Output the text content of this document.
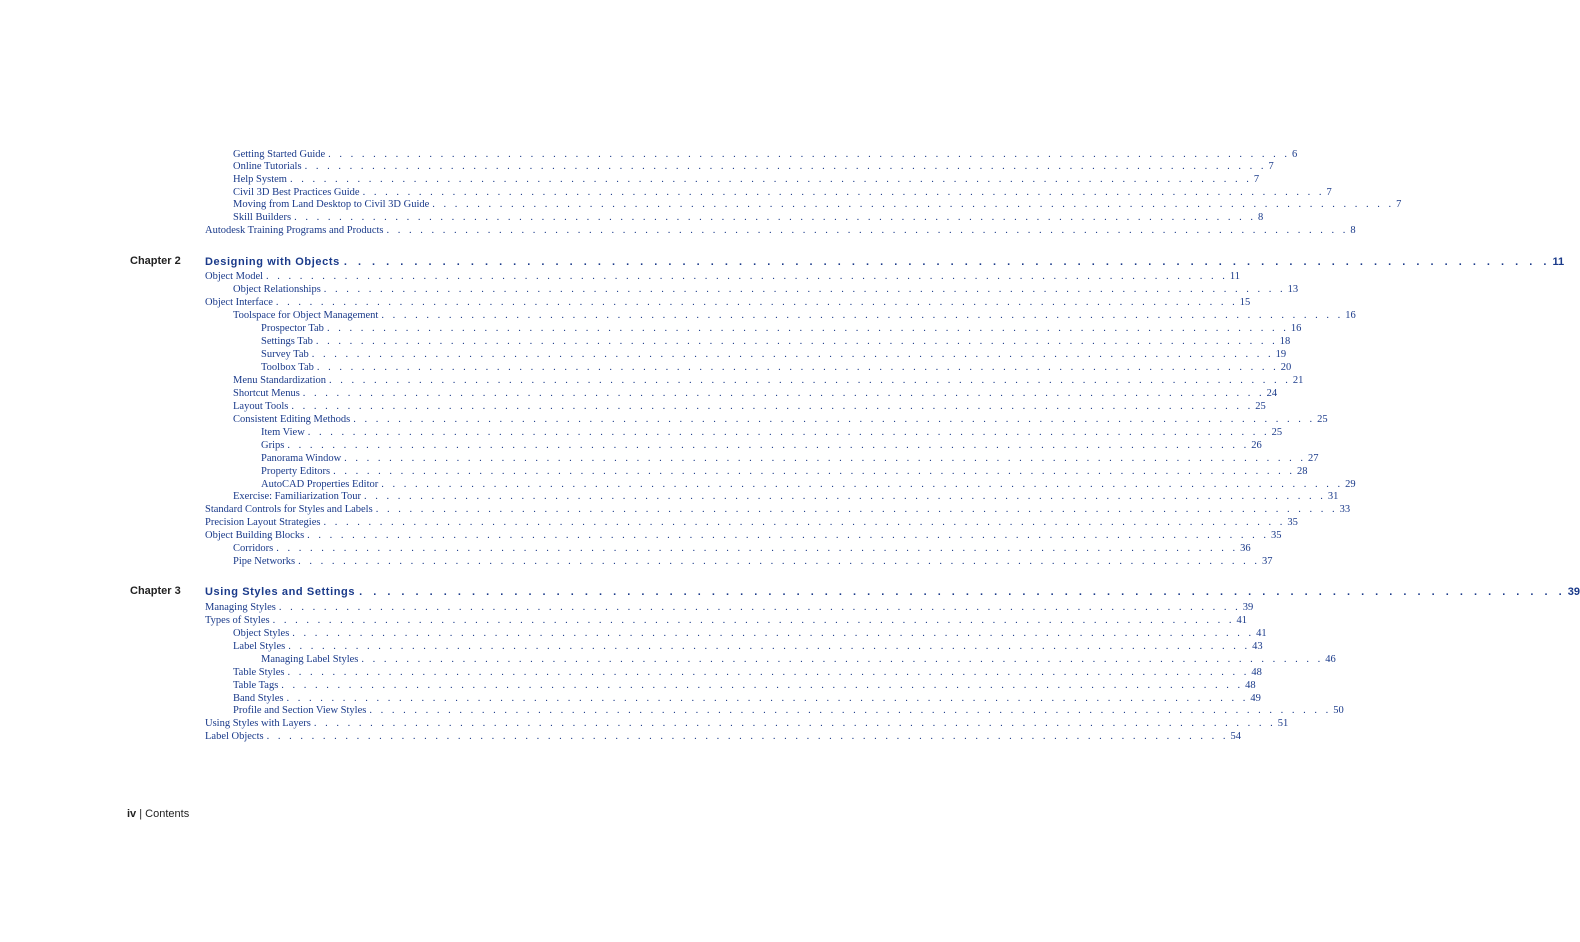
Getting Started Guide . . . . . . . . . . . . . . . . . . . . . . . . . . . . . . . . . . . . . . . . . . . . . . . . . . . . . . . . . . . . . . . . . . . . . . . . . . . . . . . . . . . . . . 6
Online Tutorials . . . . . . . . . . . . . . . . . . . . . . . . . . . . . . . . . . . . . . . . . . . . . . . . . . . . . . . . . . . . . . . . . . . . . . . . . . . . . . . . . . . . . . 7
Help System . . . . . . . . . . . . . . . . . . . . . . . . . . . . . . . . . . . . . . . . . . . . . . . . . . . . . . . . . . . . . . . . . . . . . . . . . . . . . . . . . . . . . . 7
Civil 3D Best Practices Guide . . . . . . . . . . . . . . . . . . . . . . . . . . . . . . . . . . . . . . . . . . . . . . . . . . . . . . . . . . . . . . . . . . . . . . . . . . . . . . . . . . . . . . 7
Moving from Land Desktop to Civil 3D Guide . . . . . . . . . . . . . . . . . . . . . . . . . . . . . . . . . . . . . . . . . . . . . . . . . . . . . . . . . . . . . . . . . . . . . . . . . . . . . . . . . . . . . . 7
Skill Builders . . . . . . . . . . . . . . . . . . . . . . . . . . . . . . . . . . . . . . . . . . . . . . . . . . . . . . . . . . . . . . . . . . . . . . . . . . . . . . . . . . . . . . 8
Autodesk Training Programs and Products . . . . . . . . . . . . . . . . . . . . . . . . . . . . . . . . . . . . . . . . . . . . . . . . . . . . . . . . . . . . . . . . . . . . . . . . . . . . . . . . . . . . . . 8
Chapter 2 Designing with Objects . . . . . . . . . . . . . . . . . . . . . . . . . . . . . . . . . . . . . . . . . . . . . . . . . . . . . . . . . . . . . . . . . . . . . . . . . . . . . . . . . . . . . . 11
Object Model . . . . . . . . . . . . . . . . . . . . . . . . . . . . . . . . . . . . . . . . . . . . . . . . . . . . . . . . . . . . . . . . . . . . . . . . . . . . . . . . . . . . . . 11
Object Relationships . . . . . . . . . . . . . . . . . . . . . . . . . . . . . . . . . . . . . . . . . . . . . . . . . . . . . . . . . . . . . . . . . . . . . . . . . . . . . . . . . . . . . . 13
Object Interface . . . . . . . . . . . . . . . . . . . . . . . . . . . . . . . . . . . . . . . . . . . . . . . . . . . . . . . . . . . . . . . . . . . . . . . . . . . . . . . . . . . . . . 15
Toolspace for Object Management . . . . . . . . . . . . . . . . . . . . . . . . . . . . . . . . . . . . . . . . . . . . . . . . . . . . . . . . . . . . . . . . . . . . . . . . . . . . . . . . . . . . . . 16
Prospector Tab . . . . . . . . . . . . . . . . . . . . . . . . . . . . . . . . . . . . . . . . . . . . . . . . . . . . . . . . . . . . . . . . . . . . . . . . . . . . . . . . . . . . . . 16
Settings Tab . . . . . . . . . . . . . . . . . . . . . . . . . . . . . . . . . . . . . . . . . . . . . . . . . . . . . . . . . . . . . . . . . . . . . . . . . . . . . . . . . . . . . . 18
Survey Tab . . . . . . . . . . . . . . . . . . . . . . . . . . . . . . . . . . . . . . . . . . . . . . . . . . . . . . . . . . . . . . . . . . . . . . . . . . . . . . . . . . . . . . 19
Toolbox Tab . . . . . . . . . . . . . . . . . . . . . . . . . . . . . . . . . . . . . . . . . . . . . . . . . . . . . . . . . . . . . . . . . . . . . . . . . . . . . . . . . . . . . . 20
Menu Standardization . . . . . . . . . . . . . . . . . . . . . . . . . . . . . . . . . . . . . . . . . . . . . . . . . . . . . . . . . . . . . . . . . . . . . . . . . . . . . . . . . . . . . . 21
Shortcut Menus . . . . . . . . . . . . . . . . . . . . . . . . . . . . . . . . . . . . . . . . . . . . . . . . . . . . . . . . . . . . . . . . . . . . . . . . . . . . . . . . . . . . . . 24
Layout Tools . . . . . . . . . . . . . . . . . . . . . . . . . . . . . . . . . . . . . . . . . . . . . . . . . . . . . . . . . . . . . . . . . . . . . . . . . . . . . . . . . . . . . . 25
Consistent Editing Methods . . . . . . . . . . . . . . . . . . . . . . . . . . . . . . . . . . . . . . . . . . . . . . . . . . . . . . . . . . . . . . . . . . . . . . . . . . . . . . . . . . . . . . 25
Item View . . . . . . . . . . . . . . . . . . . . . . . . . . . . . . . . . . . . . . . . . . . . . . . . . . . . . . . . . . . . . . . . . . . . . . . . . . . . . . . . . . . . . . 25
Grips . . . . . . . . . . . . . . . . . . . . . . . . . . . . . . . . . . . . . . . . . . . . . . . . . . . . . . . . . . . . . . . . . . . . . . . . . . . . . . . . . . . . . . 26
Panorama Window . . . . . . . . . . . . . . . . . . . . . . . . . . . . . . . . . . . . . . . . . . . . . . . . . . . . . . . . . . . . . . . . . . . . . . . . . . . . . . . . . . . . . . 27
Property Editors . . . . . . . . . . . . . . . . . . . . . . . . . . . . . . . . . . . . . . . . . . . . . . . . . . . . . . . . . . . . . . . . . . . . . . . . . . . . . . . . . . . . . . 28
AutoCAD Properties Editor . . . . . . . . . . . . . . . . . . . . . . . . . . . . . . . . . . . . . . . . . . . . . . . . . . . . . . . . . . . . . . . . . . . . . . . . . . . . . . . . . . . . . . 29
Exercise: Familiarization Tour . . . . . . . . . . . . . . . . . . . . . . . . . . . . . . . . . . . . . . . . . . . . . . . . . . . . . . . . . . . . . . . . . . . . . . . . . . . . . . . . . . . . . . 31
Standard Controls for Styles and Labels . . . . . . . . . . . . . . . . . . . . . . . . . . . . . . . . . . . . . . . . . . . . . . . . . . . . . . . . . . . . . . . . . . . . . . . . . . . . . . . . . . . . . . 33
Precision Layout Strategies . . . . . . . . . . . . . . . . . . . . . . . . . . . . . . . . . . . . . . . . . . . . . . . . . . . . . . . . . . . . . . . . . . . . . . . . . . . . . . . . . . . . . . 35
Object Building Blocks . . . . . . . . . . . . . . . . . . . . . . . . . . . . . . . . . . . . . . . . . . . . . . . . . . . . . . . . . . . . . . . . . . . . . . . . . . . . . . . . . . . . . . 35
Corridors . . . . . . . . . . . . . . . . . . . . . . . . . . . . . . . . . . . . . . . . . . . . . . . . . . . . . . . . . . . . . . . . . . . . . . . . . . . . . . . . . . . . . . 36
Pipe Networks . . . . . . . . . . . . . . . . . . . . . . . . . . . . . . . . . . . . . . . . . . . . . . . . . . . . . . . . . . . . . . . . . . . . . . . . . . . . . . . . . . . . . . 37
Chapter 3 Using Styles and Settings . . . . . . . . . . . . . . . . . . . . . . . . . . . . . . . . . . . . . . . . . . . . . . . . . . . . . . . . . . . . . . . . . . . . . . . . . . . . . . . . . . . . . . 39
Managing Styles . . . . . . . . . . . . . . . . . . . . . . . . . . . . . . . . . . . . . . . . . . . . . . . . . . . . . . . . . . . . . . . . . . . . . . . . . . . . . . . . . . . . . . 39
Types of Styles . . . . . . . . . . . . . . . . . . . . . . . . . . . . . . . . . . . . . . . . . . . . . . . . . . . . . . . . . . . . . . . . . . . . . . . . . . . . . . . . . . . . . . 41
Object Styles . . . . . . . . . . . . . . . . . . . . . . . . . . . . . . . . . . . . . . . . . . . . . . . . . . . . . . . . . . . . . . . . . . . . . . . . . . . . . . . . . . . . . . 41
Label Styles . . . . . . . . . . . . . . . . . . . . . . . . . . . . . . . . . . . . . . . . . . . . . . . . . . . . . . . . . . . . . . . . . . . . . . . . . . . . . . . . . . . . . . 43
Managing Label Styles . . . . . . . . . . . . . . . . . . . . . . . . . . . . . . . . . . . . . . . . . . . . . . . . . . . . . . . . . . . . . . . . . . . . . . . . . . . . . . . . . . . . . . 46
Table Styles . . . . . . . . . . . . . . . . . . . . . . . . . . . . . . . . . . . . . . . . . . . . . . . . . . . . . . . . . . . . . . . . . . . . . . . . . . . . . . . . . . . . . . 48
Table Tags . . . . . . . . . . . . . . . . . . . . . . . . . . . . . . . . . . . . . . . . . . . . . . . . . . . . . . . . . . . . . . . . . . . . . . . . . . . . . . . . . . . . . . 48
Band Styles . . . . . . . . . . . . . . . . . . . . . . . . . . . . . . . . . . . . . . . . . . . . . . . . . . . . . . . . . . . . . . . . . . . . . . . . . . . . . . . . . . . . . . 49
Profile and Section View Styles . . . . . . . . . . . . . . . . . . . . . . . . . . . . . . . . . . . . . . . . . . . . . . . . . . . . . . . . . . . . . . . . . . . . . . . . . . . . . . . . . . . . . . 50
Using Styles with Layers . . . . . . . . . . . . . . . . . . . . . . . . . . . . . . . . . . . . . . . . . . . . . . . . . . . . . . . . . . . . . . . . . . . . . . . . . . . . . . . . . . . . . . 51
Label Objects . . . . . . . . . . . . . . . . . . . . . . . . . . . . . . . . . . . . . . . . . . . . . . . . . . . . . . . . . . . . . . . . . . . . . . . . . . . . . . . . . . . . . . 54
iv | Contents
